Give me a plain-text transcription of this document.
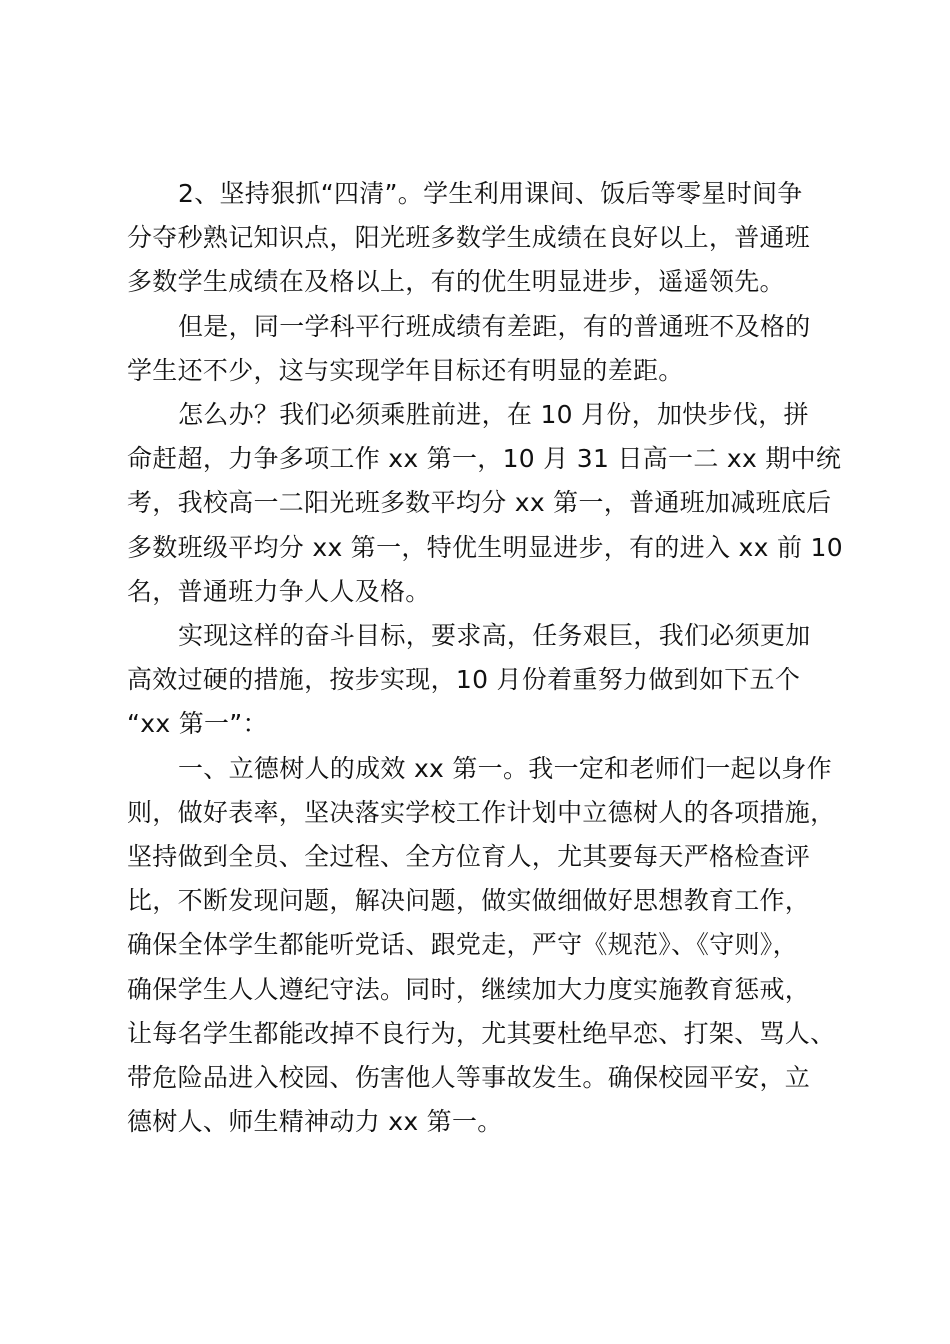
2、坚持狠抓“四清”。学生利用课间、饭后等零星时间争
分夺秒熟记知识点，阳光班多数学生成绩在良好以上，普通班
多数学生成绩在及格以上，有的优生明显进步，遥遥领先。

但是，同一学科平行班成绩有差距，有的普通班不及格的
学生还不少，这与实现学年目标还有明显的差距。

怎么办？我们必须乘胜前进，在 10 月份，加快步伐，拼
命赶超，力争多项工作 xx 第一，10 月 31 日高一二 xx 期中统
考，我校高一二阳光班多数平均分 xx 第一，普通班加减班底后
多数班级平均分 xx 第一，特优生明显进步，有的进入 xx 前 10
名，普通班力争人人及格。

实现这样的奋斗目标，要求高，任务艰巨，我们必须更加
高效过硬的措施，按步实现，10 月份着重努力做到如下五个
“xx 第一”：

一、立德树人的成效 xx 第一。我一定和老师们一起以身作
则，做好表率，坚决落实学校工作计划中立德树人的各项措施，
坚持做到全员、全过程、全方位育人，尤其要每天严格检查评
比，不断发现问题，解决问题，做实做细做好思想教育工作，
确保全体学生都能听党话、跟党走，严守《规范》、《守则》，
确保学生人人遵纪守法。同时，继续加大力度实施教育惩戒，
让每名学生都能改掉不良行为，尤其要杜绝早恋、打架、骂人、
带危险品进入校园、伤害他人等事故发生。确保校园平安，立
德树人、师生精神动力 xx 第一。
